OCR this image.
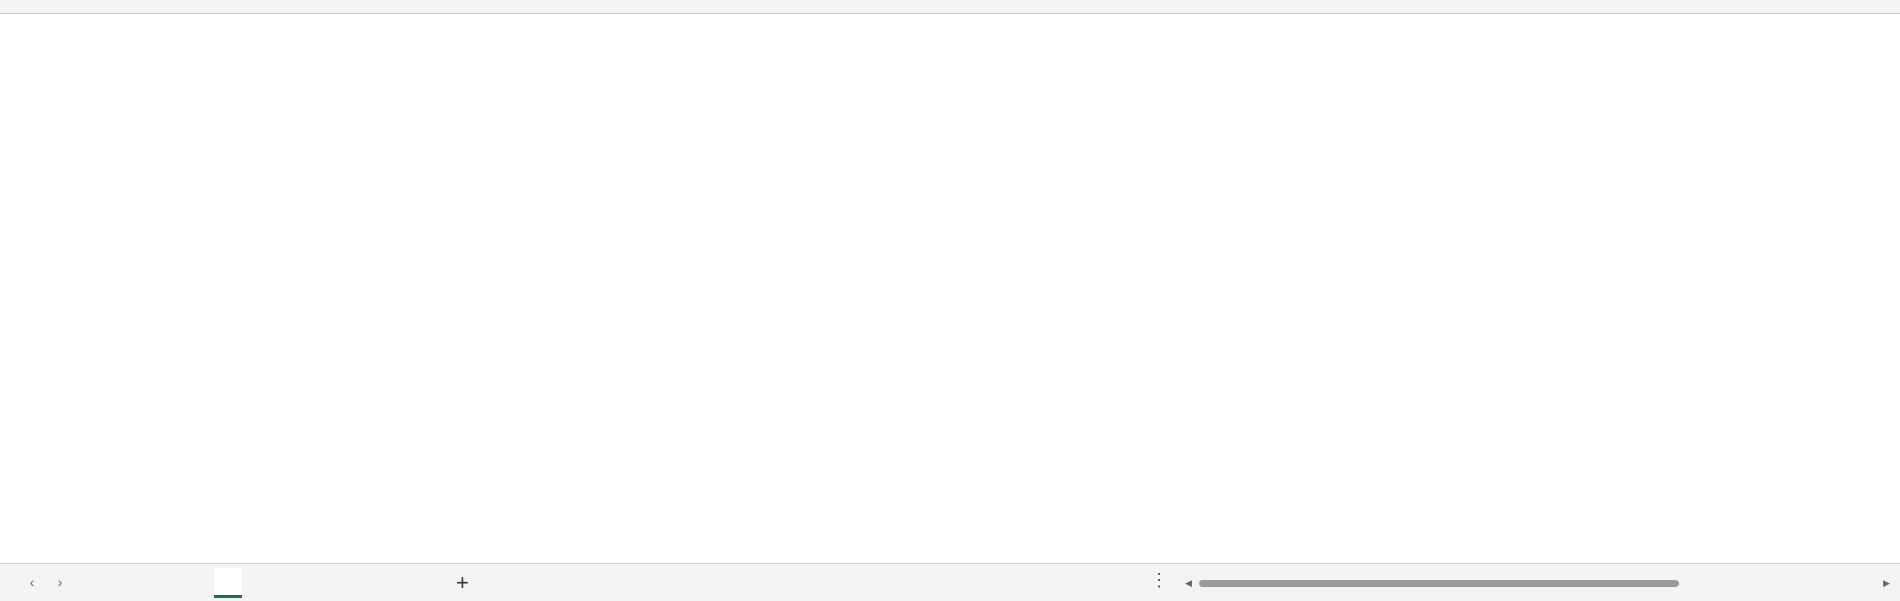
‹	›	+	⋮ ◀	▶
